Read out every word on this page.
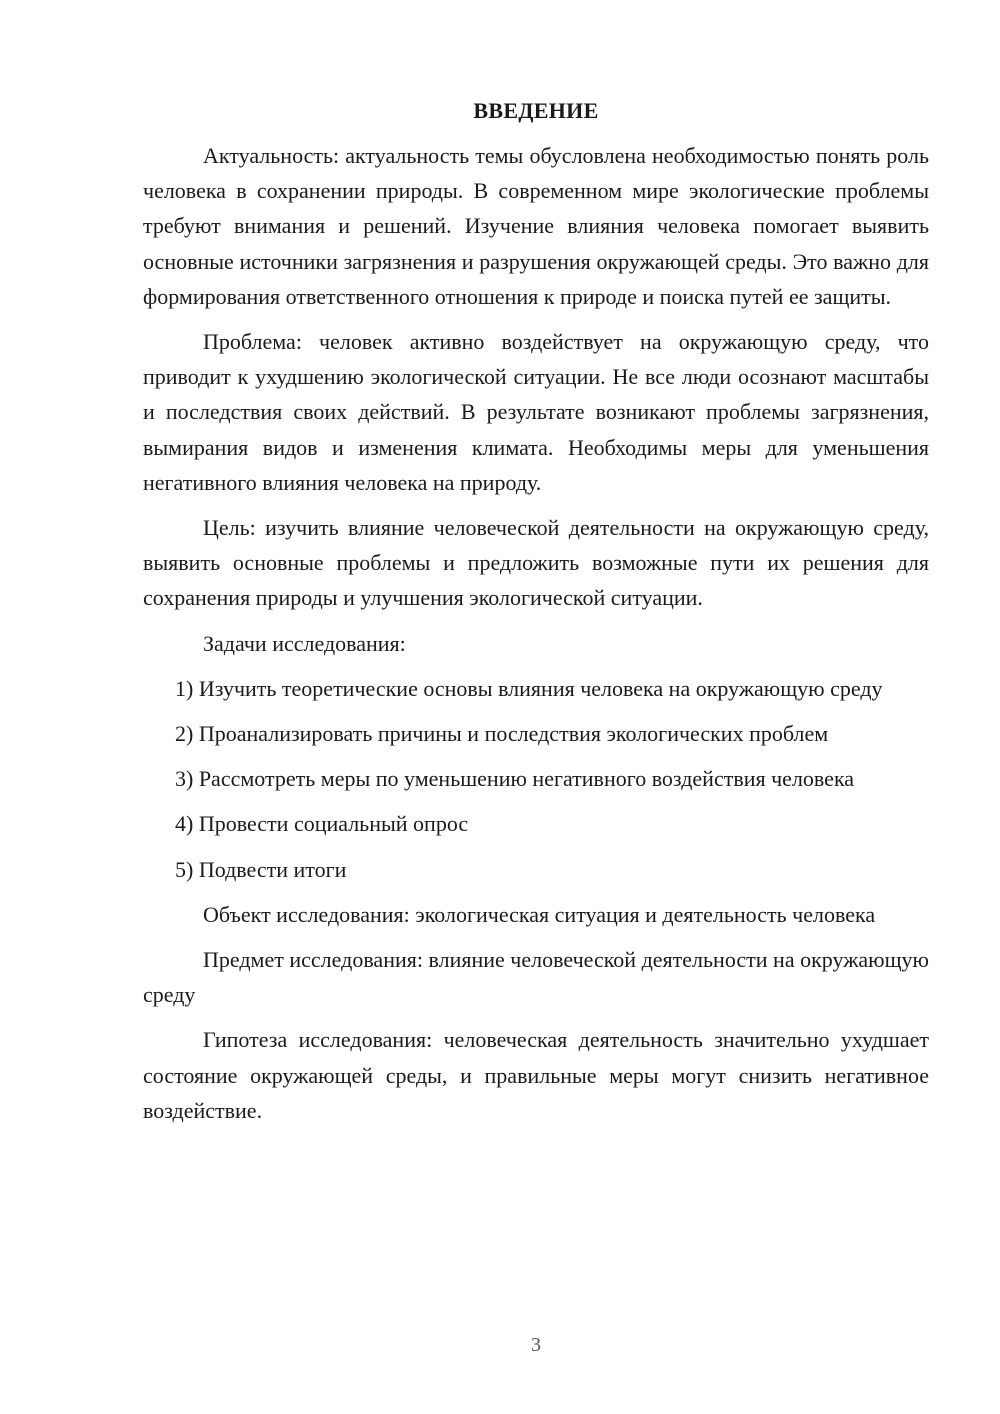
ВВЕДЕНИЕ

Актуальность: актуальность темы обусловлена необходимостью понять роль человека в сохранении природы. В современном мире экологические проблемы требуют внимания и решений. Изучение влияния человека помогает выявить основные источники загрязнения и разрушения окружающей среды. Это важно для формирования ответственного отношения к природе и поиска путей ее защиты.

Проблема: человек активно воздействует на окружающую среду, что приводит к ухудшению экологической ситуации. Не все люди осознают масштабы и последствия своих действий. В результате возникают проблемы загрязнения, вымирания видов и изменения климата. Необходимы меры для уменьшения негативного влияния человека на природу.

Цель: изучить влияние человеческой деятельности на окружающую среду, выявить основные проблемы и предложить возможные пути их решения для сохранения природы и улучшения экологической ситуации.

Задачи исследования:

1) Изучить теоретические основы влияния человека на окружающую среду

2) Проанализировать причины и последствия экологических проблем

3) Рассмотреть меры по уменьшению негативного воздействия человека

4) Провести социальный опрос

5) Подвести итоги

Объект исследования: экологическая ситуация и деятельность человека

Предмет исследования: влияние человеческой деятельности на окружающую среду

Гипотеза исследования: человеческая деятельность значительно ухудшает состояние окружающей среды, и правильные меры могут снизить негативное воздействие.

3
